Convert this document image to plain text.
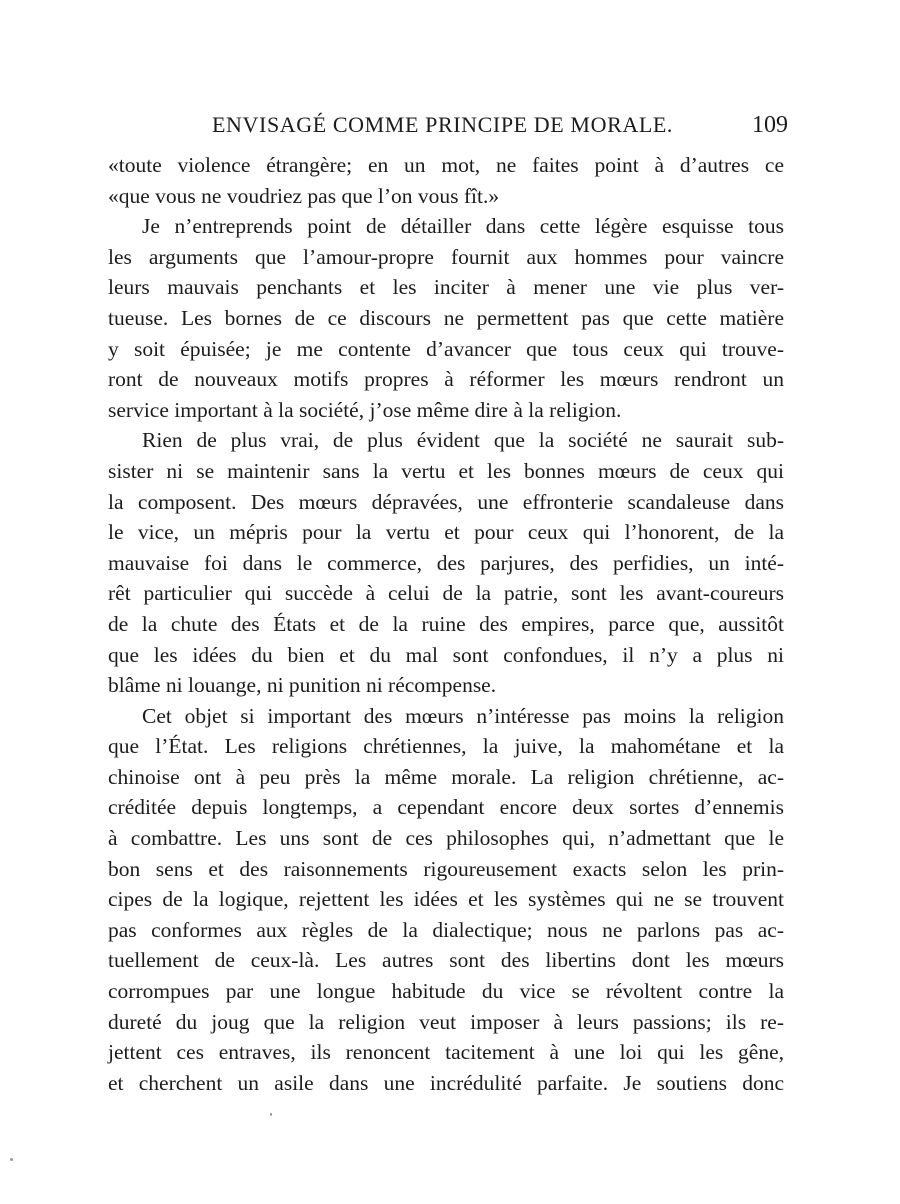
ENVISAGÉ COMME PRINCIPE DE MORALE.	109
«toute violence étrangère; en un mot, ne faites point à d’autres ce
«que vous ne voudriez pas que l’on vous fît.»
Je n’entreprends point de détailler dans cette légère esquisse tous
les arguments que l’amour-propre fournit aux hommes pour vaincre
leurs mauvais penchants et les inciter à mener une vie plus ver-
tueuse. Les bornes de ce discours ne permettent pas que cette matière
y soit épuisée; je me contente d’avancer que tous ceux qui trouve-
ront de nouveaux motifs propres à réformer les mœurs rendront un
service important à la société, j’ose même dire à la religion.
Rien de plus vrai, de plus évident que la société ne saurait sub-
sister ni se maintenir sans la vertu et les bonnes mœurs de ceux qui
la composent. Des mœurs dépravées, une effronterie scandaleuse dans
le vice, un mépris pour la vertu et pour ceux qui l’honorent, de la
mauvaise foi dans le commerce, des parjures, des perfidies, un inté-
rêt particulier qui succède à celui de la patrie, sont les avant-coureurs
de la chute des États et de la ruine des empires, parce que, aussitôt
que les idées du bien et du mal sont confondues, il n’y a plus ni
blâme ni louange, ni punition ni récompense.
Cet objet si important des mœurs n’intéresse pas moins la religion
que l’État. Les religions chrétiennes, la juive, la mahométane et la
chinoise ont à peu près la même morale. La religion chrétienne, ac-
créditée depuis longtemps, a cependant encore deux sortes d’ennemis
à combattre. Les uns sont de ces philosophes qui, n’admettant que le
bon sens et des raisonnements rigoureusement exacts selon les prin-
cipes de la logique, rejettent les idées et les systèmes qui ne se trouvent
pas conformes aux règles de la dialectique; nous ne parlons pas ac-
tuellement de ceux-là. Les autres sont des libertins dont les mœurs
corrompues par une longue habitude du vice se révoltent contre la
dureté du joug que la religion veut imposer à leurs passions; ils re-
jettent ces entraves, ils renoncent tacitement à une loi qui les gêne,
et cherchent un asile dans une incrédulité parfaite. Je soutiens donc
